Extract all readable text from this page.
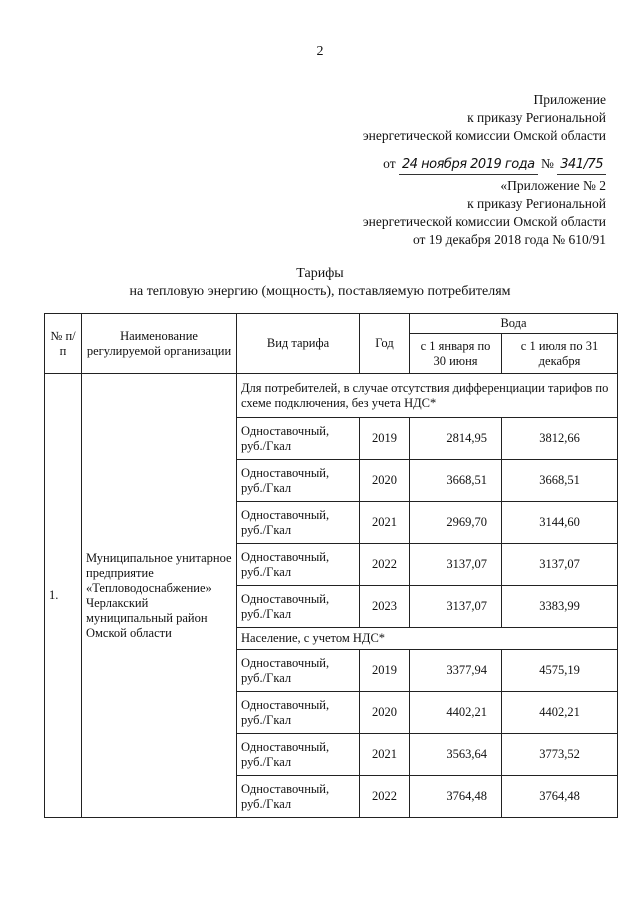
2
Приложение
к приказу Региональной
энергетической комиссии Омской области
от 24 ноября 2019 года № 341/75
«Приложение № 2
к приказу Региональной
энергетической комиссии Омской области
от 19 декабря 2018 года № 610/91
Тарифы
на тепловую энергию (мощность), поставляемую потребителям
№ п/п	Наименование регулируемой организации	Вид тарифа	Год	Вода	
				с 1 января по 30 июня	с 1 июля по 31 декабря
1.	Муниципальное унитарное предприятие «Тепловодоснабжение» Черлакский муниципальный район Омской области	Для потребителей, в случае отсутствия дифференциации тарифов по схеме подключения, без учета НДС*			
		Одноставочный, руб./Гкал	2019	2814,95	3812,66
		Одноставочный, руб./Гкал	2020	3668,51	3668,51
		Одноставочный, руб./Гкал	2021	2969,70	3144,60
		Одноставочный, руб./Гкал	2022	3137,07	3137,07
		Одноставочный, руб./Гкал	2023	3137,07	3383,99
		Население, с учетом НДС*			
		Одноставочный, руб./Гкал	2019	3377,94	4575,19
		Одноставочный, руб./Гкал	2020	4402,21	4402,21
		Одноставочный, руб./Гкал	2021	3563,64	3773,52
		Одноставочный, руб./Гкал	2022	3764,48	3764,48
